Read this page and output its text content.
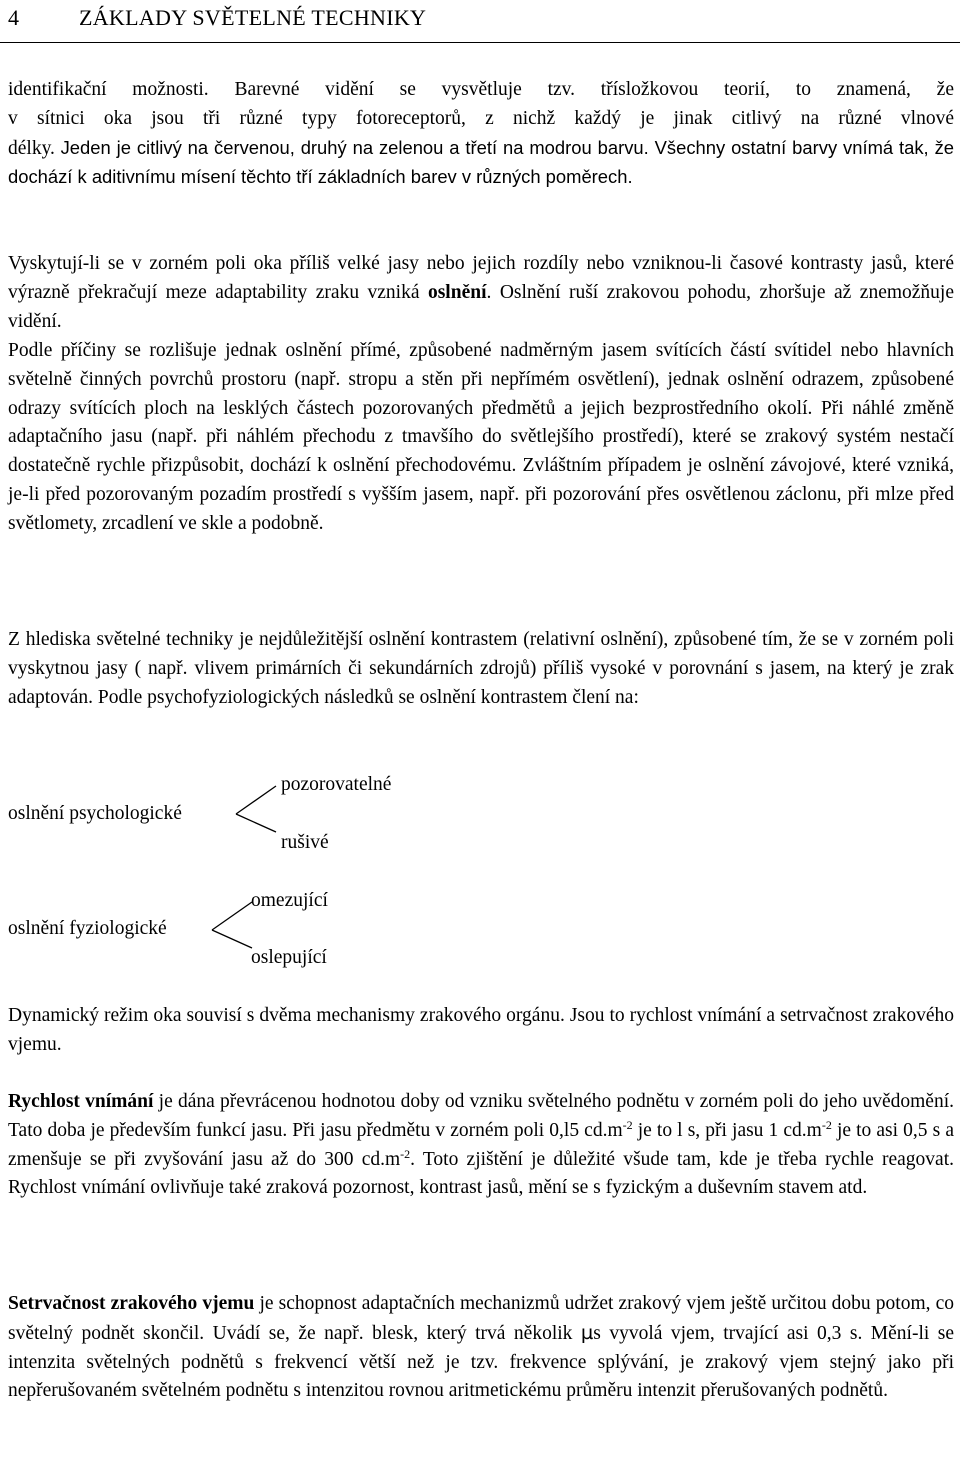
4	ZÁKLADY SVĚTELNÉ TECHNIKY

identifikační možnosti. Barevné vidění se vysvětluje tzv. třísložkovou teorií, to znamená, že
v sítnici oka jsou tři různé typy fotoreceptorů, z nichž každý je jinak citlivý na různé vlnové
délky. Jeden je citlivý na červenou, druhý na zelenou a třetí na modrou barvu. Všechny ostatní barvy vnímá tak, že dochází k aditivnímu mísení těchto tří základních barev v různých poměrech.

Vyskytují-li se v zorném poli oka příliš velké jasy nebo jejich rozdíly nebo vzniknou-li časové kontrasty jasů, které výrazně překračují meze adaptability zraku vzniká oslnění. Oslnění ruší zrakovou pohodu, zhoršuje až znemožňuje vidění.

Podle příčiny se rozlišuje jednak oslnění přímé, způsobené nadměrným jasem svítících částí svítidel nebo hlavních světelně činných povrchů prostoru (např. stropu a stěn při nepřímém osvětlení), jednak oslnění odrazem, způsobené odrazy svítících ploch na lesklých částech pozorovaných předmětů a jejich bezprostředního okolí. Při náhlé změně adaptačního jasu (např. při náhlém přechodu z tmavšího do světlejšího prostředí), které se zrakový systém nestačí dostatečně rychle přizpůsobit, dochází k oslnění přechodovému. Zvláštním případem je oslnění závojové, které vzniká, je-li před pozorovaným pozadím prostředí s vyšším jasem, např. při pozorování přes osvětlenou záclonu, při mlze před světlomety, zrcadlení ve skle a podobně.

Z hlediska světelné techniky je nejdůležitější oslnění kontrastem (relativní oslnění), způsobené tím, že se v zorném poli vyskytnou jasy ( např. vlivem primárních či sekundárních zdrojů) příliš vysoké v porovnání s jasem, na který je zrak adaptován. Podle psychofyziologických následků se oslnění kontrastem člení na:

oslnění psychologické
pozorovatelné
rušivé
oslnění fyziologické
omezující
oslepující

Dynamický režim oka souvisí s dvěma mechanismy zrakového orgánu. Jsou to rychlost vnímání a setrvačnost zrakového vjemu.

Rychlost vnímání je dána převrácenou hodnotou doby od vzniku světelného podnětu v zorném poli do jeho uvědomění. Tato doba je především funkcí jasu. Při jasu předmětu v zorném poli 0,l5 $cd.m^{-2}$ je to l s, při jasu 1 $cd.m^{-2}$ je to asi 0,5 s a zmenšuje se při zvyšování jasu až do 300 $cd.m^{-2}$. Toto zjištění je důležité všude tam, kde je třeba rychle reagovat. Rychlost vnímání ovlivňuje také zraková pozornost, kontrast jasů, mění se s fyzickým a duševním stavem atd.

Setrvačnost zrakového vjemu je schopnost adaptačních mechanizmů udržet zrakový vjem ještě určitou dobu potom, co světelný podnět skončil. Uvádí se, že např. blesk, který trvá několik µs vyvolá vjem, trvající asi 0,3 s. Mění-li se intenzita světelných podnětů s frekvencí větší než je tzv. frekvence splývání, je zrakový vjem stejný jako při nepřerušovaném světelném podnětu s intenzitou rovnou aritmetickému průměru intenzit přerušovaných podnětů.
